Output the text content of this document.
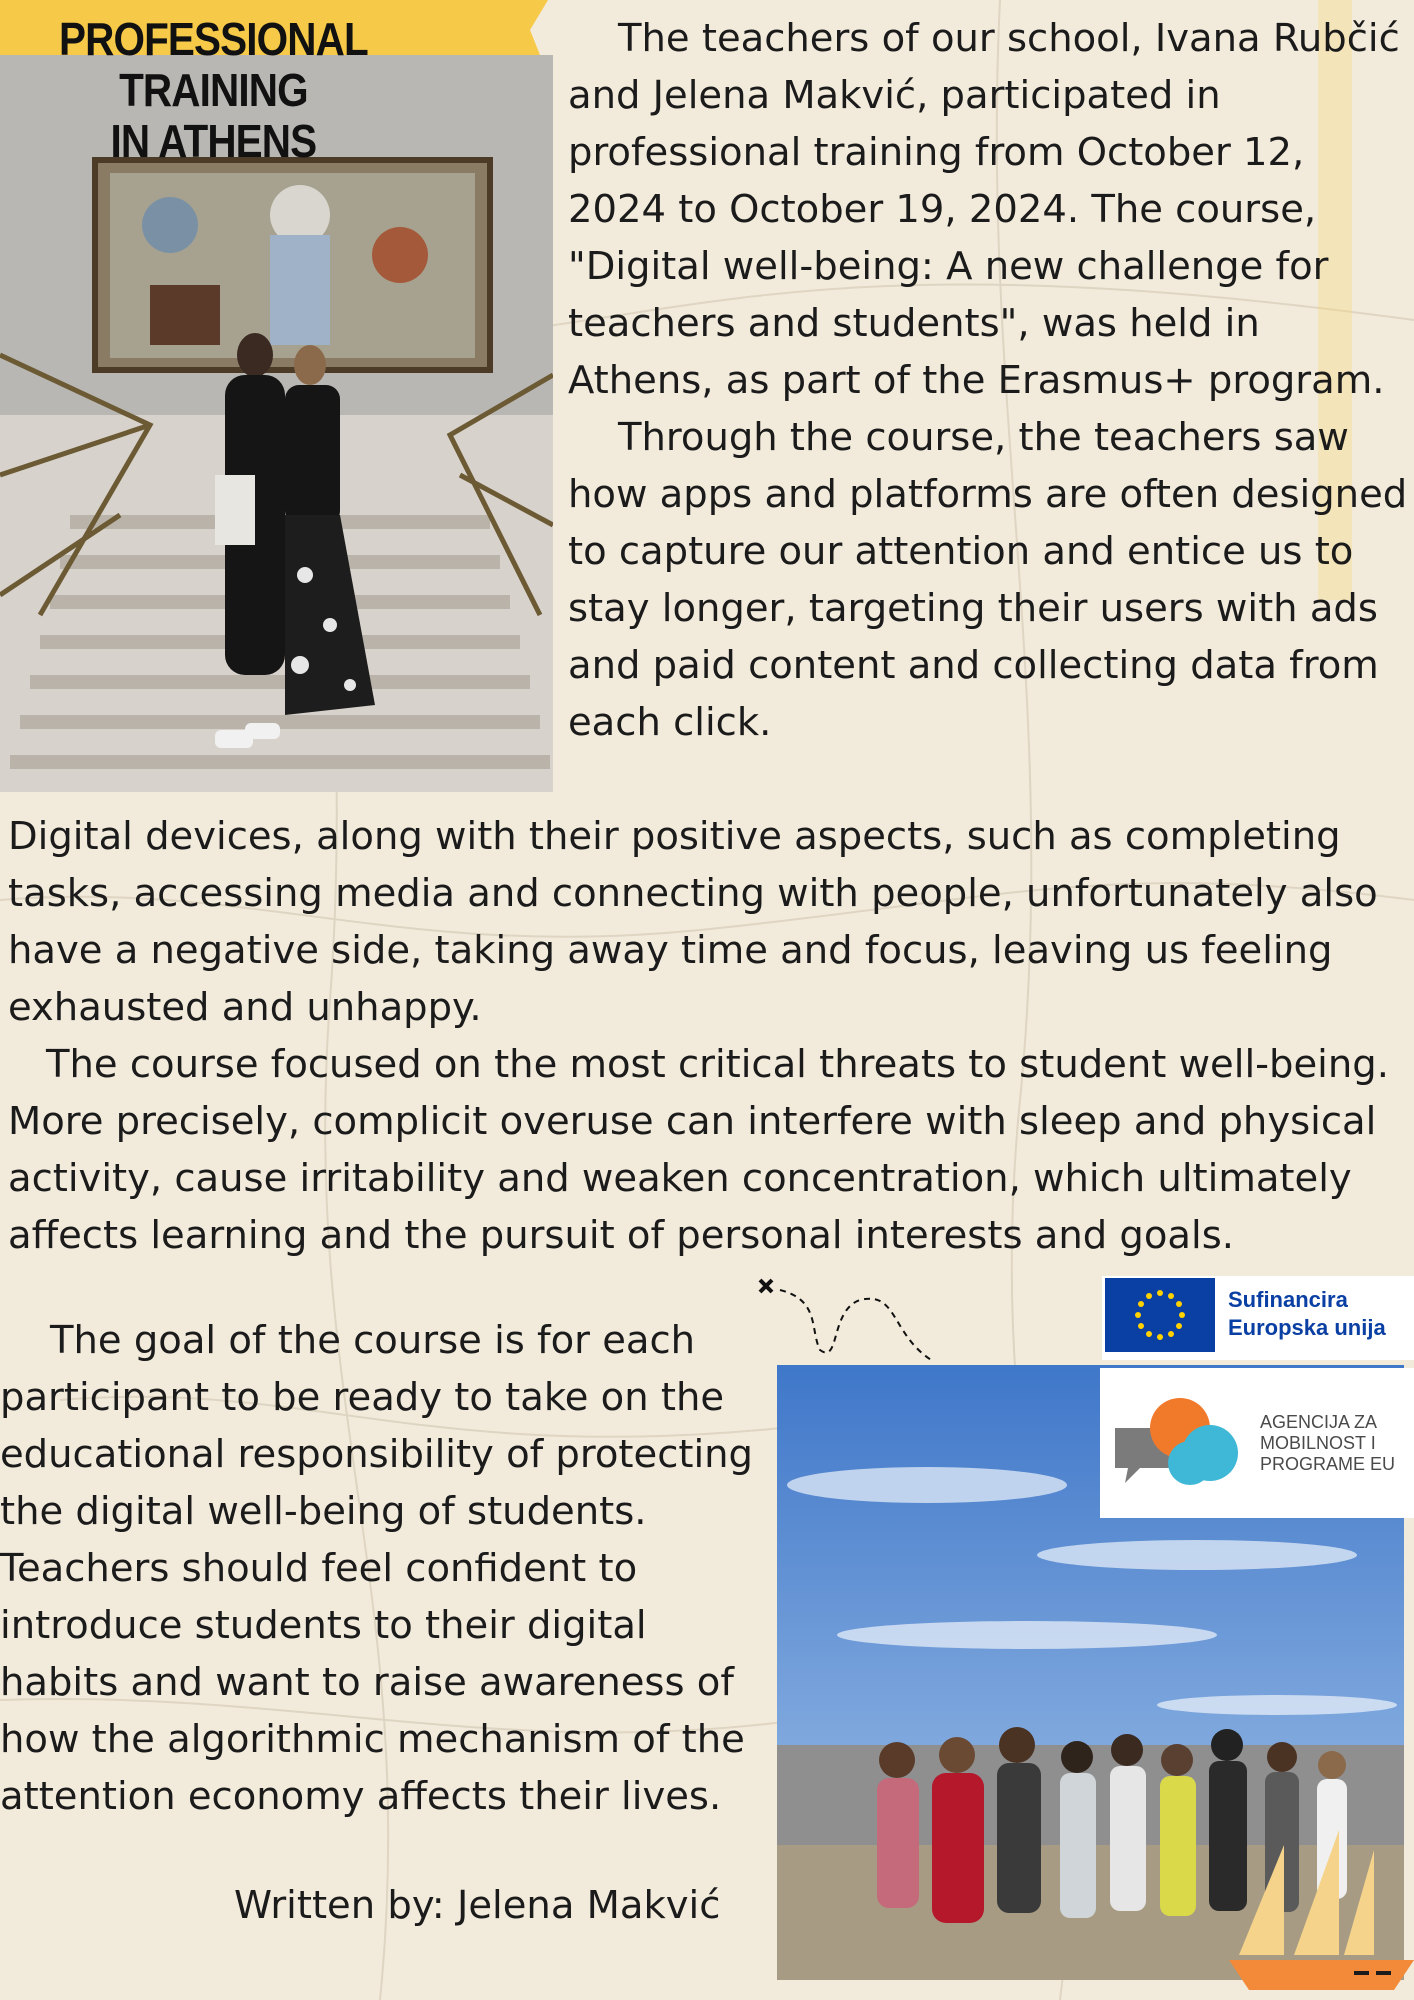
PROFESSIONAL TRAINING
IN ATHENS
The teachers of our school, Ivana Rubčić and Jelena Makvić, participated in professional training from October 12, 2024 to October 19, 2024. The course, "Digital well-being: A new challenge for teachers and students", was held in Athens, as part of the Erasmus+ program.
Through the course, the teachers saw how apps and platforms are often designed to capture our attention and entice us to stay longer, targeting their users with ads and paid content and collecting data from each click.
Digital devices, along with their positive aspects, such as completing tasks, accessing media and connecting with people, unfortunately also have a negative side, taking away time and focus, leaving us feeling exhausted and unhappy.
The course focused on the most critical threats to student well-being. More precisely, complicit overuse can interfere with sleep and physical activity, cause irritability and weaken concentration, which ultimately affects learning and the pursuit of personal interests and goals.
The goal of the course is for each participant to be ready to take on the educational responsibility of protecting the digital well-being of students. Teachers should feel confident to introduce students to their digital habits and want to raise awareness of how the algorithmic mechanism of the attention economy affects their lives.
Written by: Jelena Makvić
Sufinancira
Europska unija
AGENCIJA ZA
MOBILNOST I
PROGRAME EU
